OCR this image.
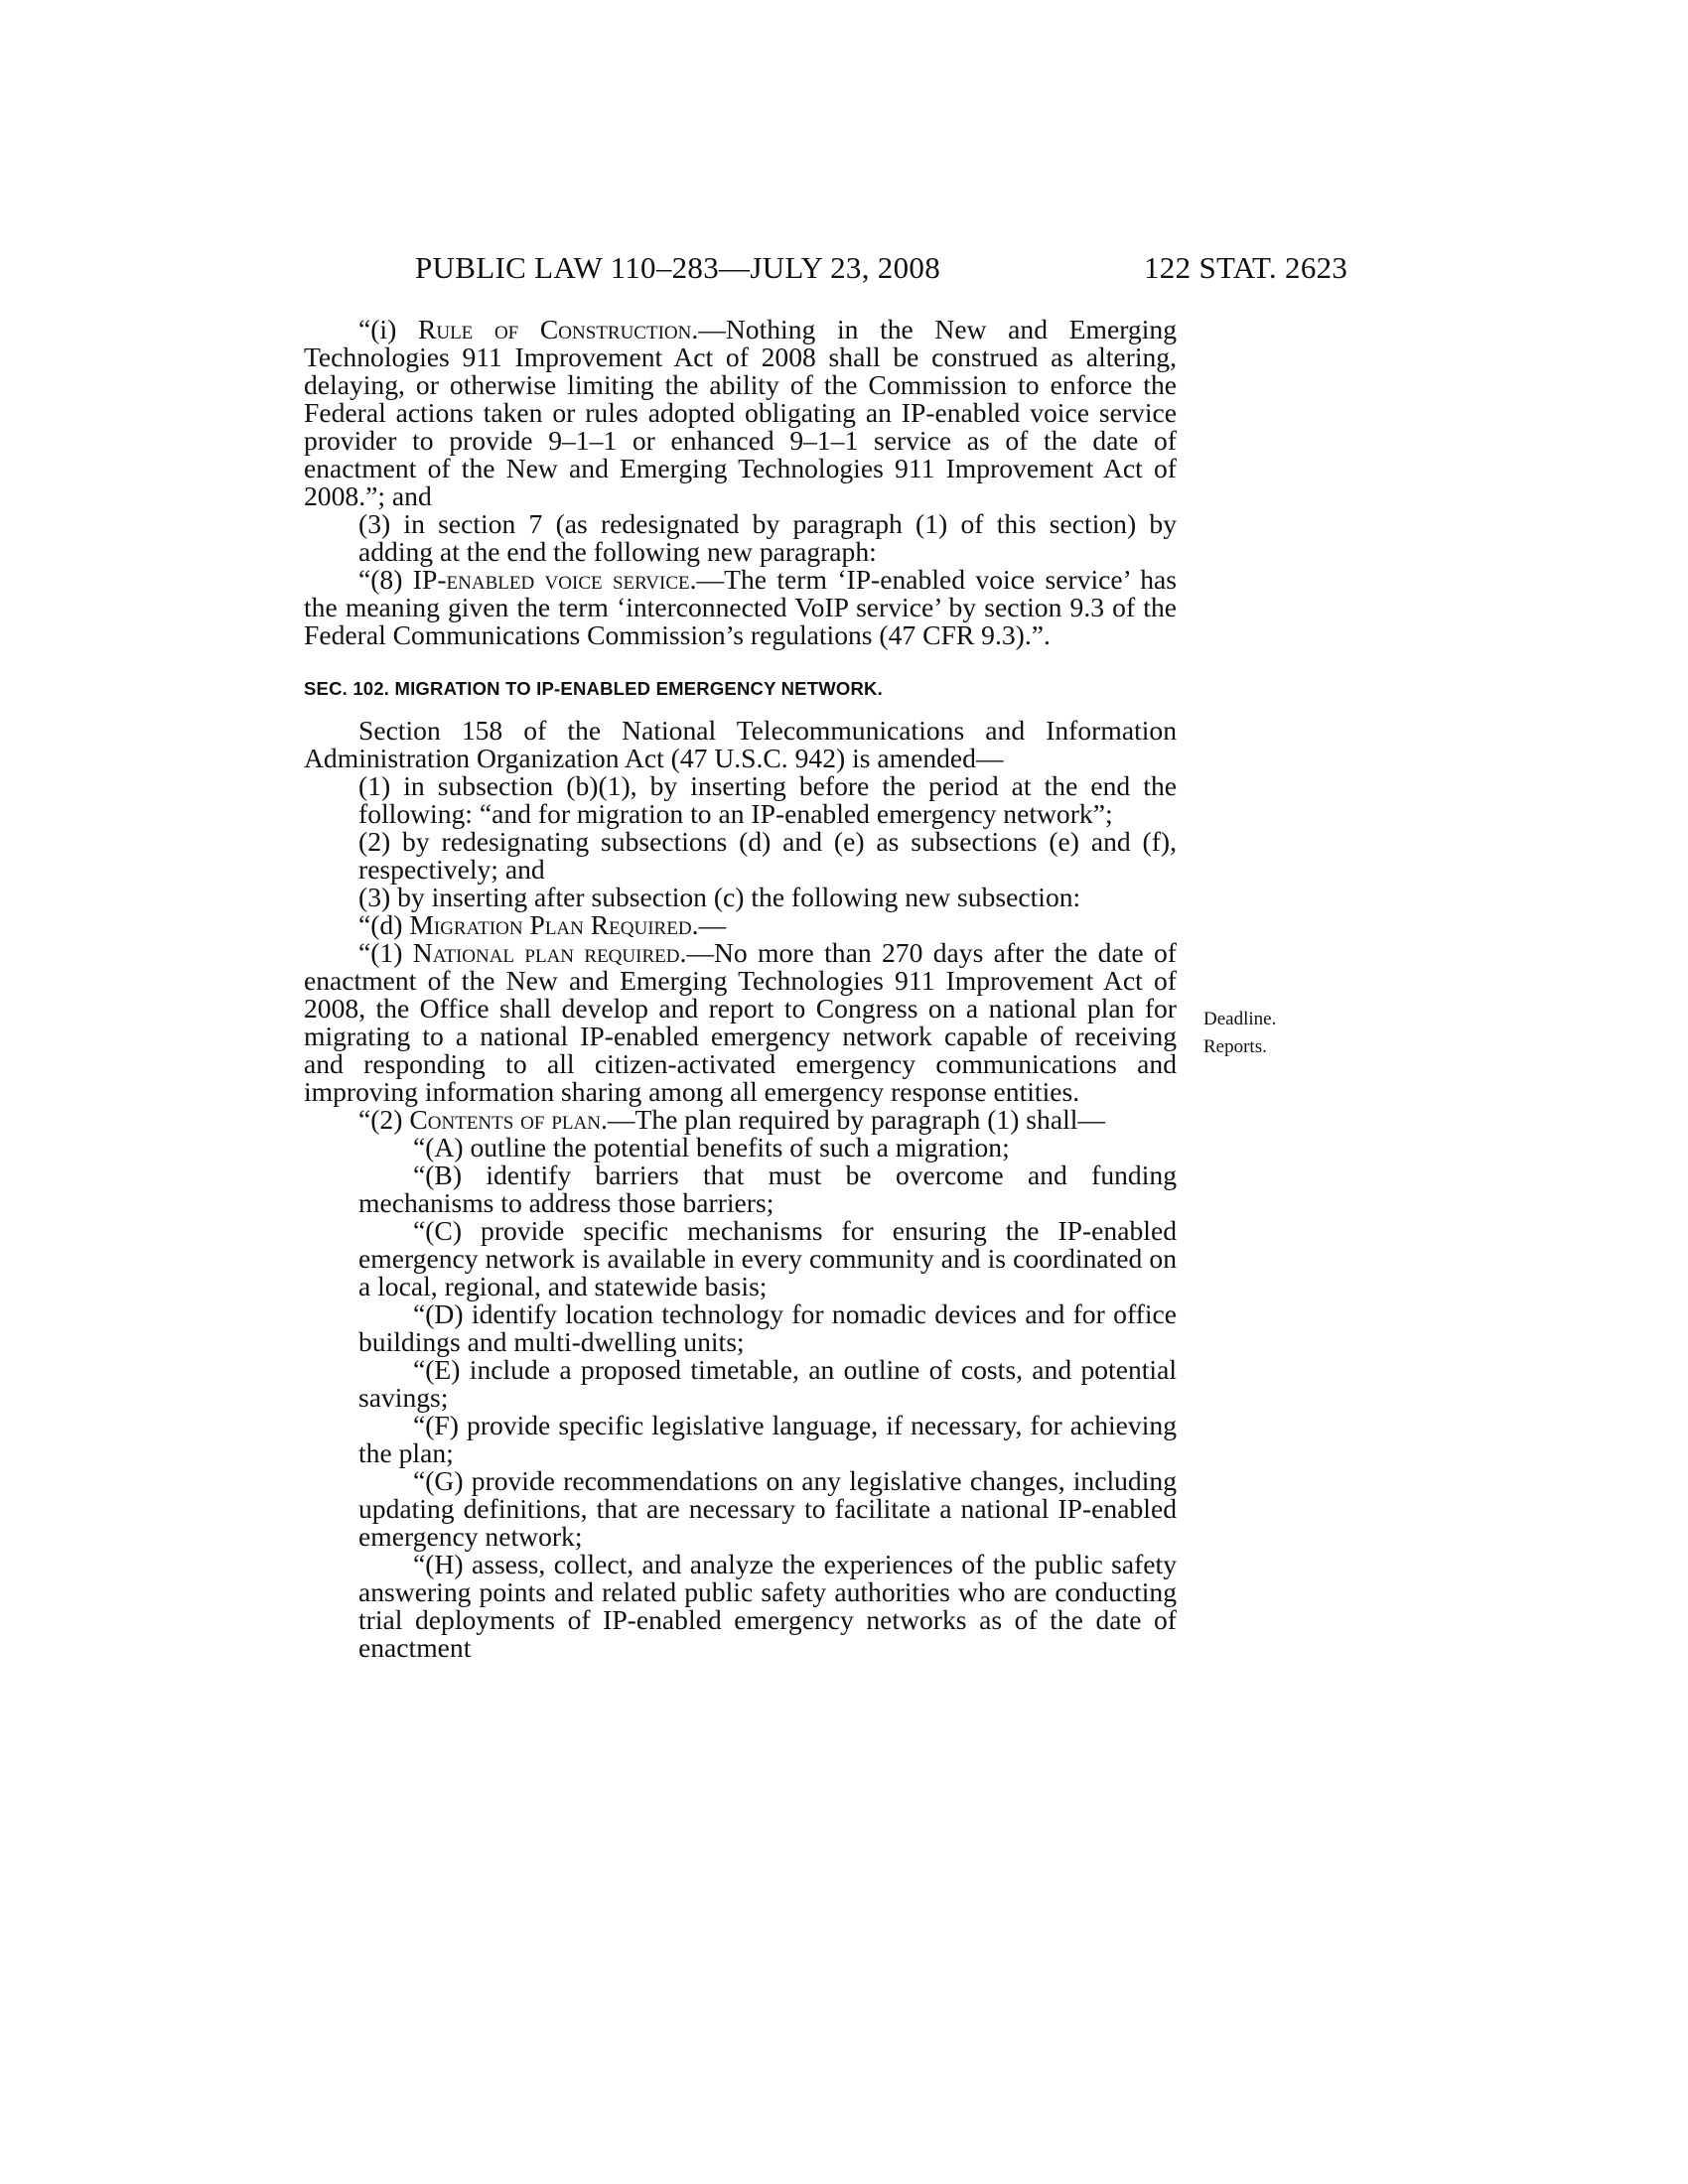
PUBLIC LAW 110–283—JULY 23, 2008	122 STAT. 2623

“(i) Rule of Construction.—Nothing in the New and Emerging Technologies 911 Improvement Act of 2008 shall be construed as altering, delaying, or otherwise limiting the ability of the Commission to enforce the Federal actions taken or rules adopted obligating an IP-enabled voice service provider to provide 9–1–1 or enhanced 9–1–1 service as of the date of enactment of the New and Emerging Technologies 911 Improvement Act of 2008.”; and

(3) in section 7 (as redesignated by paragraph (1) of this section) by adding at the end the following new paragraph:

“(8) IP-enabled voice service.—The term ‘IP-enabled voice service’ has the meaning given the term ‘interconnected VoIP service’ by section 9.3 of the Federal Communications Commission’s regulations (47 CFR 9.3).”.

SEC. 102. MIGRATION TO IP-ENABLED EMERGENCY NETWORK.

Section 158 of the National Telecommunications and Information Administration Organization Act (47 U.S.C. 942) is amended—

(1) in subsection (b)(1), by inserting before the period at the end the following: “and for migration to an IP-enabled emergency network”;

(2) by redesignating subsections (d) and (e) as subsections (e) and (f), respectively; and

(3) by inserting after subsection (c) the following new subsection:

“(d) Migration Plan Required.—

“(1) National plan required.—No more than 270 days after the date of enactment of the New and Emerging Technologies 911 Improvement Act of 2008, the Office shall develop and report to Congress on a national plan for migrating to a national IP-enabled emergency network capable of receiving and responding to all citizen-activated emergency communications and improving information sharing among all emergency response entities.

“(2) Contents of plan.—The plan required by paragraph (1) shall—

“(A) outline the potential benefits of such a migration;

“(B) identify barriers that must be overcome and funding mechanisms to address those barriers;

“(C) provide specific mechanisms for ensuring the IP-enabled emergency network is available in every community and is coordinated on a local, regional, and statewide basis;

“(D) identify location technology for nomadic devices and for office buildings and multi-dwelling units;

“(E) include a proposed timetable, an outline of costs, and potential savings;

“(F) provide specific legislative language, if necessary, for achieving the plan;

“(G) provide recommendations on any legislative changes, including updating definitions, that are necessary to facilitate a national IP-enabled emergency network;

“(H) assess, collect, and analyze the experiences of the public safety answering points and related public safety authorities who are conducting trial deployments of IP-enabled emergency networks as of the date of enactment

Deadline.
Reports.
